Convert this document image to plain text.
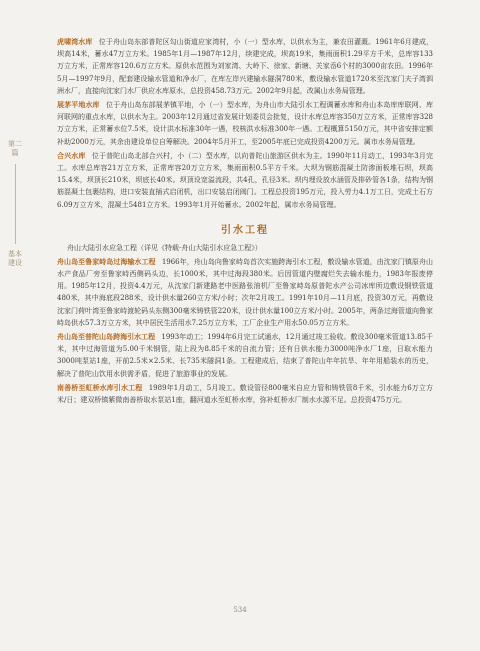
第二篇
基本建设

虎啸湾水库 位于舟山岛东部普陀区勾山街道应家湾村，小（一）型水库，以供水为主，兼农田灌溉。1961年6月建成，坝高14米，蓄水47万立方米。1985年1月—1987年12月，续建完成，坝高19米，集雨面积1.29平方千米，总库容133万立方米，正常库容120.6万立方米。原供水范围为刘家湾、大岭下、徐家、新塘、关家岙6个村的3000亩农田。1996年5月—1997年9月，配套建设输水管道和净水厂，在库左岸兴建输水隧洞780米，敷设输水管道1720米至沈家门夫子湾泗洲水厂，直接向沈家门水厂供应水库原水，总投资458.73万元。2002年9月起，改属山水务局管理。

展茅平地水库 位于舟山岛东部展茅镇平地，小（一）型水库，为舟山市大陆引水工程调蓄水库和舟山本岛库库联网、库河联网的重点水库，以供水为主。2003年12月通过省发展计划委员会批复，设计水库总库容350万立方米，正常库容328万立方米，正常蓄水位7.5米，设计洪水标准30年一遇，校核洪水标准300年一遇。工程概算5150万元，其中省安排定额补助2000万元，其余由建设单位自筹解决。2004年5月开工，至2005年底已完成投资4200万元。属市水务局管理。

合兴水库 位于普陀山岛北部合兴村，小（二）型水库，以向普陀山旅游区供水为主。1990年11月动工，1993年3月完工。水库总库容21万立方米，正常库容20万立方米，集雨面积0.5平方千米。大坝为钢筋混凝土防渗面板堆石坝，坝高15.4米，坝顶长210米，坝底长40米。坝顶设宽溢流段，共4孔，孔径3米。坝内埋设放水涵管及排砂管各1条，结构为钢筋混凝土包裹结构，进口安装直插式启闭机，出口安装启闭阀门。工程总投资195万元，投入劳力4.1万工日，完成土石方6.09万立方米，混凝土5481立方米。1993年1月开始蓄水。2002年起，属市水务局管理。

引水工程

舟山大陆引水应急工程（详见《特载·舟山大陆引水应急工程》）

舟山岛至鲁家峙岛过海输水工程 1966年，舟山岛向鲁家峙岛首次实施跨海引水工程，敷设输水管道，由沈家门镇原舟山水产食品厂旁至鲁家峙西侧码头边，长1000米，其中过海段380米。后因管道内壁腐烂失去输水能力，1983年报废停用。1985年12月，投资4.4万元，从沈家门新建路老中医路张油机厂至鲁家峙岛原普陀水产公司冰库所边敷设钢铁管道480米，其中海底段288米，设计供水量260立方米/小时；次年2月竣工。1991年10月—11月底，投资30万元，再敷设沈家门荷叶湾至鲁家峙渡轮码头东侧300毫米铸铁管220米，设计供水量100立方米/小时。2005年，两条过海管道向鲁家峙岛供水57.3万立方米，其中居民生活用水7.25万立方米，工厂企业生产用水50.05万立方米。

舟山岛至普陀山岛跨海引水工程 1993年动工；1994年6月完工试通水，12月通过竣工验收。敷设300毫米管道13.85千米，其中过海管道为5.00千米钢管，陆上段为8.85千米的自流力管；还有日供水能力3000吨净水厂1座，日取水能力3000吨泵站1座，开前2.5米×2.5米、长735米隧洞1条。工程建成后，结束了普陀山年年抗旱、年年用船装水的历史，解决了普陀山饮用水供需矛盾，促进了旅游事业的发展。

南善桥至虹桥水库引水工程 1989年1月动工，5月竣工。敷设管径800毫米自应力管和铸铁管8千米，引水能力6万立方米/日；建双桥镇紫微南善桥取水泵站1座，翻河道水至虹桥水库，弥补虹桥水厂制水水源不足。总投资475万元。

534
